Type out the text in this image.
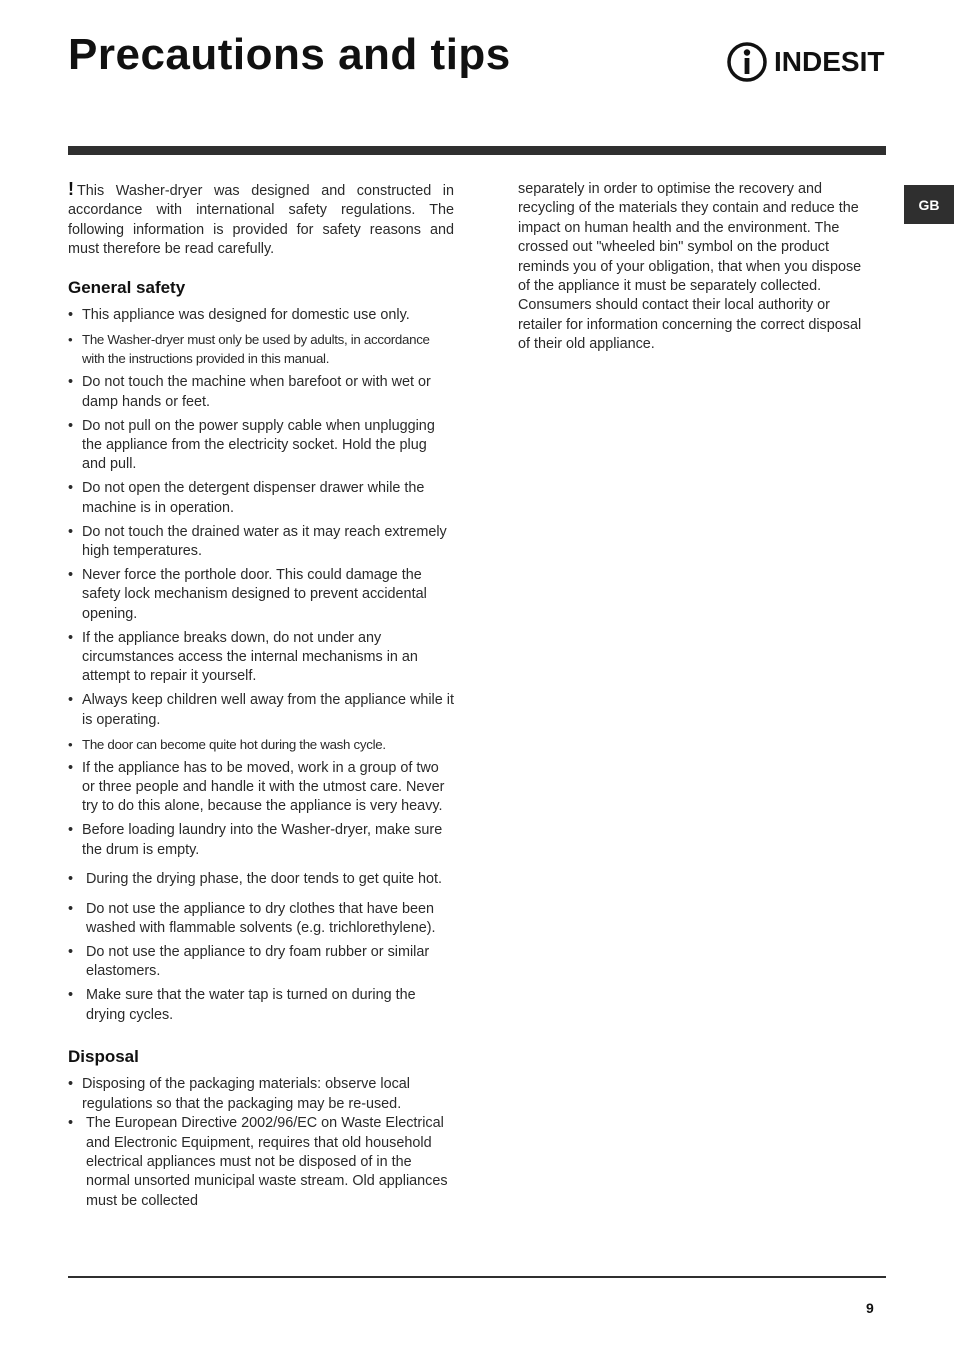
Precautions and tips	INDESIT
GB

! This Washer-dryer was designed and constructed in accordance with international safety regulations. The following information is provided for safety reasons and must therefore be read carefully.

General safety
• This appliance was designed for domestic use only.
• The Washer-dryer must only be used by adults, in accordance with the instructions provided in this manual.
• Do not touch the machine when barefoot or with wet or damp hands or feet.
• Do not pull on the power supply cable when unplugging the appliance from the electricity socket. Hold the plug and pull.
• Do not open the detergent dispenser drawer while the machine is in operation.
• Do not touch the drained water as it may reach extremely high temperatures.
• Never force the porthole door. This could damage the safety lock mechanism designed to prevent accidental opening.
• If the appliance breaks down, do not under any circumstances access the internal mechanisms in an attempt to repair it yourself.
• Always keep children well away from the appliance while it is operating.
• The door can become quite hot during the wash cycle.
• If the appliance has to be moved, work in a group of two or three people and handle it with the utmost care. Never try to do this alone, because the appliance is very heavy.
• Before loading laundry into the Washer-dryer, make sure the drum is empty.
• During the drying phase, the door tends to get quite hot.
• Do not use the appliance to dry clothes that have been washed with flammable solvents (e.g. trichlorethylene).
• Do not use the appliance to dry foam rubber or similar elastomers.
• Make sure that the water tap is turned on during the drying cycles.
Disposal
• Disposing of the packaging materials: observe local regulations so that the packaging may be re-used.
• The European Directive 2002/96/EC on Waste Electrical and Electronic Equipment, requires that old household electrical appliances must not be disposed of in the normal unsorted municipal waste stream. Old appliances must be collected

separately in order to optimise the recovery and recycling of the materials they contain and reduce the impact on human health and the environment. The crossed out "wheeled bin" symbol on the product reminds you of your obligation, that when you dispose of the appliance it must be separately collected.

Consumers should contact their local authority or retailer for information concerning the correct disposal of their old appliance.

9
